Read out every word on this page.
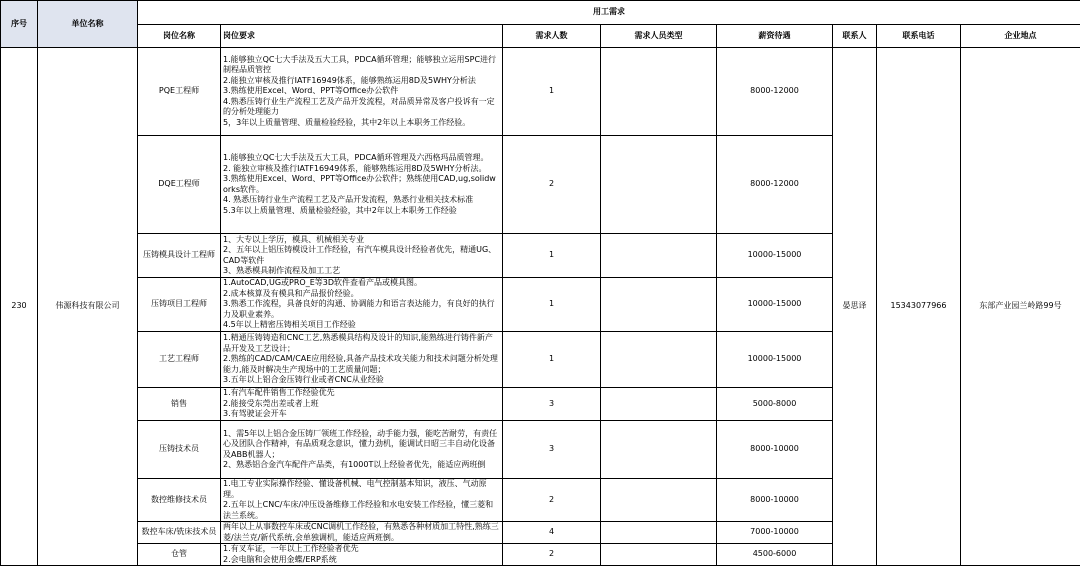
序号	单位名称	用工需求							
		岗位名称	岗位要求	需求人数	需求人员类型	薪资待遇	联系人	联系电话	企业地点
230	伟源科技有限公司	PQE工程师	1.能够独立QC七大手法及五大工具，PDCA循环管理；能够独立运用SPC进行制程品质管控
2.能独立审核及推行IATF16949体系，能够熟练运用8D及5WHY分析法
3.熟练使用Excel、Word、PPT等Office办公软件
4.熟悉压铸行业生产流程工艺及产品开发流程，对品质异常及客户投诉有一定的分析处理能力
5，3年以上质量管理、质量检验经验，其中2年以上本职务工作经验。	1		8000-12000	晏思译	15343077966	东部产业园兰岭路99号
		DQE工程师	1.能够独立QC七大手法及五大工具，PDCA循环管理及六西格玛品质管理。
2. 能独立审核及推行IATF16949体系，能够熟练运用8D及5WHY分析法。
3.熟练使用Excel、Word、PPT等Office办公软件；熟练使用CAD,ug,solidworks软件。
4. 熟悉压铸行业生产流程工艺及产品开发流程，熟悉行业相关技术标准
5.3年以上质量管理、质量检验经验，其中2年以上本职务工作经验	2		8000-12000			
		压铸模具设计工程师	1、大专以上学历，模具、机械相关专业
2、五年以上铝压铸模设计工作经验，有汽车模具设计经验者优先，精通UG、CAD等软件
3、熟悉模具制作流程及加工工艺	1		10000-15000			
		压铸项目工程师	1.AutoCAD,UG或PRO_E等3D软件查看产品或模具图。
2.成本核算及有模具和产品报价经验。
3.熟悉工作流程，具备良好的沟通、协调能力和语言表达能力，有良好的执行力及职业素养。
4.5年以上精密压铸相关项目工作经验	1		10000-15000			
		工艺工程师	1.精通压铸铸造和CNC工艺,熟悉模具结构及设计的知识,能熟练进行铸件新产品开发及工艺设计；
2.熟练的CAD/CAM/CAE应用经验,具备产品技术攻关能力和技术问题分析处理能力,能及时解决生产现场中的工艺质量问题；
3.五年以上铝合金压铸行业或者CNC从业经验	1		10000-15000			
		销售	1.有汽车配件销售工作经验优先
2.能接受东莞出差或者上班
3.有驾驶证会开车	3		5000-8000			
		压铸技术员	1、需5年以上铝合金压铸厂领班工作经验，动手能力强，能吃苦耐劳，有责任心及团队合作精神，有品质观念意识，懂力劲机，能调试日昭三丰自动化设备及ABB机器人；
2、熟悉铝合金汽车配件产品类，有1000T以上经验者优先，能适应两班倒	3		8000-10000			
		数控维修技术员	1.电工专业实际操作经验、懂设备机械、电气控制基本知识，液压、气动原理。
2.五年以上CNC/车床/冲压设备维修工作经验和水电安装工作经验，懂三菱和法兰系统。	2		8000-10000			
		数控车床/铣床技术员	两年以上从事数控车床或CNC调机工作经验，有熟悉各种材质加工特性,熟练三菱/法兰克/新代系统,会单独调机，能适应两班倒。	4		7000-10000			
		仓管	1.有叉车证，一年以上工作经验者优先
2.会电脑和会使用金蝶/ERP系统	2		4500-6000			
